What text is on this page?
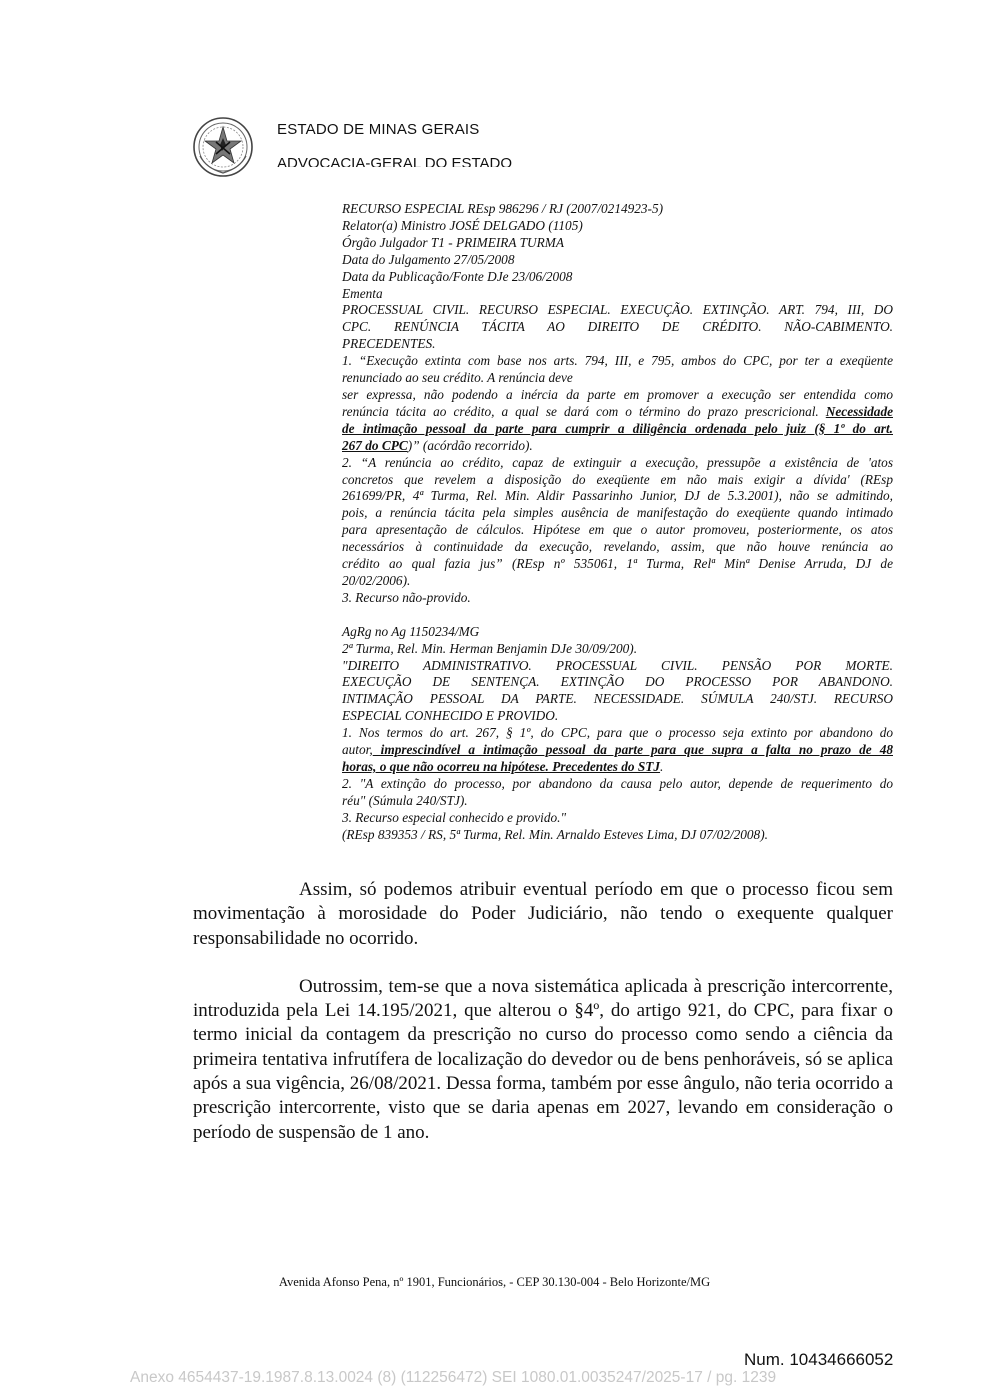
ESTADO DE MINAS GERAIS
ADVOCACIA-GERAL DO ESTADO
RECURSO ESPECIAL REsp 986296 / RJ (2007/0214923-5)
Relator(a) Ministro JOSÉ DELGADO (1105)
Órgão Julgador T1 - PRIMEIRA TURMA
Data do Julgamento 27/05/2008
Data da Publicação/Fonte DJe 23/06/2008
Ementa
PROCESSUAL CIVIL. RECURSO ESPECIAL. EXECUÇÃO. EXTINÇÃO. ART. 794, III, DO
CPC. RENÚNCIA TÁCITA AO DIREITO DE CRÉDITO. NÃO-CABIMENTO.
PRECEDENTES.
1. “Execução extinta com base nos arts. 794, III, e 795, ambos do CPC, por ter a exeqüente
renunciado ao seu crédito. A renúncia deve
ser expressa, não podendo a inércia da parte em promover a execução ser entendida como
renúncia tácita ao crédito, a qual se dará com o término do prazo prescricional. Necessidade
de intimação pessoal da parte para cumprir a diligência ordenada pelo juiz (§ 1º do art.
267 do CPC)” (acórdão recorrido).
2. “A renúncia ao crédito, capaz de extinguir a execução, pressupõe a existência de 'atos
concretos que revelem a disposição do exeqüente em não mais exigir a dívida' (REsp
261699/PR, 4ª Turma, Rel. Min. Aldir Passarinho Junior, DJ de 5.3.2001), não se admitindo,
pois, a renúncia tácita pela simples ausência de manifestação do exeqüente quando intimado
para apresentação de cálculos. Hipótese em que o autor promoveu, posteriormente, os atos
necessários à continuidade da execução, revelando, assim, que não houve renúncia ao
crédito ao qual fazia jus” (REsp nº 535061, 1ª Turma, Relª Minª Denise Arruda, DJ de
20/02/2006).
3. Recurso não-provido.
AgRg no Ag 1150234/MG
2ª Turma, Rel. Min. Herman Benjamin DJe 30/09/200).
"DIREITO ADMINISTRATIVO. PROCESSUAL CIVIL. PENSÃO POR MORTE.
EXECUÇÃO DE SENTENÇA. EXTINÇÃO DO PROCESSO POR ABANDONO.
INTIMAÇÃO PESSOAL DA PARTE. NECESSIDADE. SÚMULA 240/STJ. RECURSO
ESPECIAL CONHECIDO E PROVIDO.
1. Nos termos do art. 267, § 1º, do CPC, para que o processo seja extinto por abandono do
autor, imprescindível a intimação pessoal da parte para que supra a falta no prazo de 48
horas, o que não ocorreu na hipótese. Precedentes do STJ.
2. "A extinção do processo, por abandono da causa pelo autor, depende de requerimento do
réu" (Súmula 240/STJ).
3. Recurso especial conhecido e provido."
(REsp 839353 / RS, 5ª Turma, Rel. Min. Arnaldo Esteves Lima, DJ 07/02/2008).

Assim, só podemos atribuir eventual período em que o processo ficou sem movimentação à morosidade do Poder Judiciário, não tendo o exequente qualquer responsabilidade no ocorrido.

Outrossim, tem-se que a nova sistemática aplicada à prescrição intercorrente, introduzida pela Lei 14.195/2021, que alterou o §4º, do artigo 921, do CPC, para fixar o termo inicial da contagem da prescrição no curso do processo como sendo a ciência da primeira tentativa infrutífera de localização do devedor ou de bens penhoráveis, só se aplica após a sua vigência, 26/08/2021. Dessa forma, também por esse ângulo, não teria ocorrido a prescrição intercorrente, visto que se daria apenas em 2027, levando em consideração o período de suspensão de 1 ano.

Avenida Afonso Pena, nº 1901, Funcionários, - CEP 30.130-004 - Belo Horizonte/MG
Num. 10434666052
Anexo 4654437-19.1987.8.13.0024 (8) (112256472) SEI 1080.01.0035247/2025-17 / pg. 1239
